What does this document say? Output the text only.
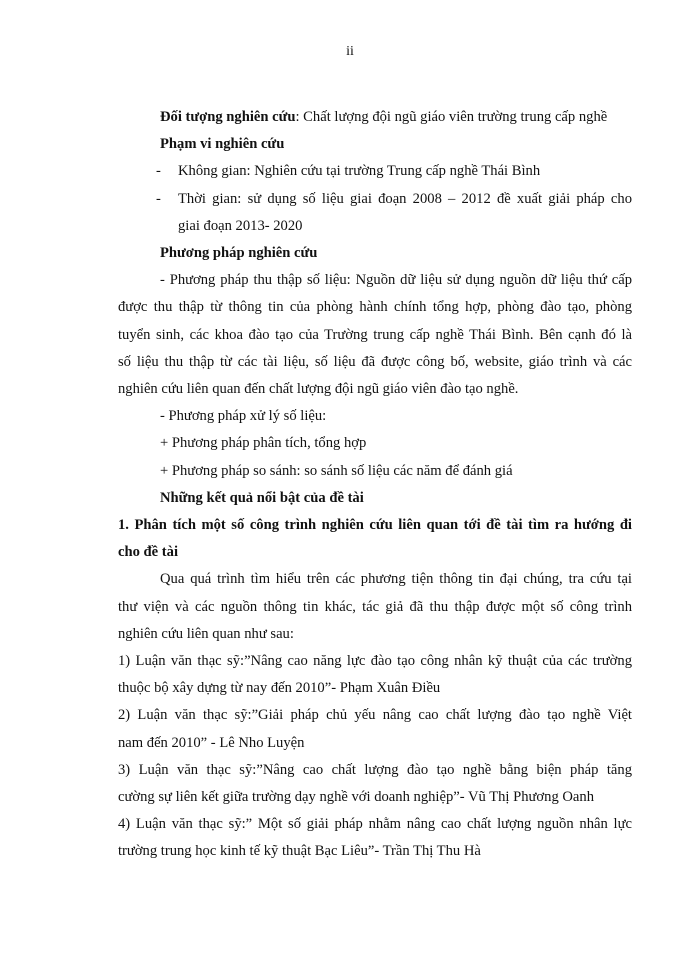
ii
Đối tượng nghiên cứu: Chất lượng đội ngũ giáo viên trường trung cấp nghề
Phạm vi nghiên cứu
-	Không gian: Nghiên cứu tại trường Trung cấp nghề Thái Bình
-	Thời gian: sử dụng số liệu giai đoạn 2008 – 2012 đề xuất giải pháp cho
giai đoạn 2013- 2020
Phương pháp nghiên cứu
- Phương pháp thu thập số liệu: Nguồn dữ liệu sử dụng nguồn dữ liệu thứ cấp
được thu thập từ thông tin của phòng hành chính tổng hợp, phòng đào tạo, phòng
tuyển sinh, các khoa đào tạo của Trường trung cấp nghề Thái Bình. Bên cạnh đó là
số liệu thu thập từ các tài liệu, số liệu đã được công bố, website, giáo trình và các
nghiên cứu liên quan đến chất lượng đội ngũ giáo viên đào tạo nghề.
- Phương pháp xử lý số liệu:
+ Phương pháp phân tích, tổng hợp
+ Phương pháp so sánh: so sánh số liệu các năm để đánh giá
Những kết quả nổi bật của đề tài
1. Phân tích một số công trình nghiên cứu liên quan tới đề tài tìm ra hướng đi
cho đề tài
Qua quá trình tìm hiểu trên các phương tiện thông tin đại chúng, tra cứu tại
thư viện và các nguồn thông tin khác, tác giả đã thu thập được một số công trình
nghiên cứu liên quan như sau:
1) Luận văn thạc sỹ:”Nâng cao năng lực đào tạo công nhân kỹ thuật của các trường
thuộc bộ xây dựng từ nay đến 2010”- Phạm Xuân Điều
2) Luận văn thạc sỹ:”Giải pháp chủ yếu nâng cao chất lượng đào tạo nghề Việt
nam đến 2010” - Lê Nho Luyện
3) Luận văn thạc sỹ:”Nâng cao chất lượng đào tạo nghề bằng biện pháp tăng
cường sự liên kết giữa trường dạy nghề với doanh nghiệp”- Vũ Thị Phương Oanh
4) Luận văn thạc sỹ:” Một số giải pháp nhằm nâng cao chất lượng nguồn nhân lực
trường trung học kinh tế kỹ thuật Bạc Liêu”- Trần Thị Thu Hà
